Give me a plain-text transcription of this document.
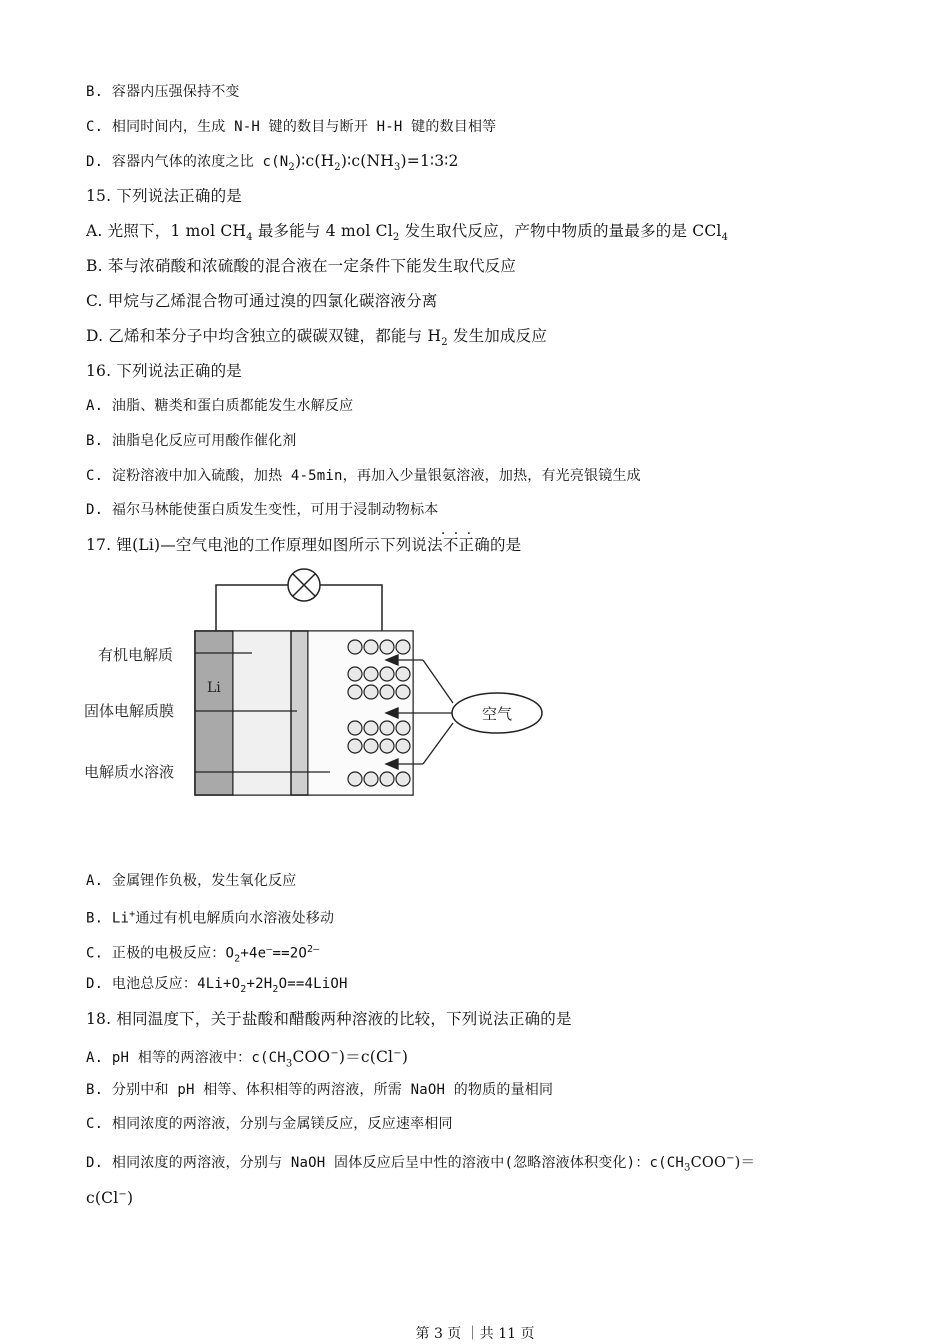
B. 容器内压强保持不变
C. 相同时间内，生成 N-H 键的数目与断开 H-H 键的数目相等
D. 容器内气体的浓度之比 $c(N_2)∶c(H_2)∶c(NH_3)=1∶3∶2$
15. 下列说法正确的是
A. 光照下，1 mol $CH_4$ 最多能与 4 mol $Cl_2$ 发生取代反应，产物中物质的量最多的是 CCl$_4$
B. 苯与浓硝酸和浓硫酸的混合液在一定条件下能发生取代反应
C. 甲烷与乙烯混合物可通过溴的四氯化碳溶液分离
D. 乙烯和苯分子中均含独立的碳碳双键，都能与 $H_2$ 发生加成反应
16. 下列说法正确的是
A. 油脂、糖类和蛋白质都能发生水解反应
B. 油脂皂化反应可用酸作催化剂
C. 淀粉溶液中加入硫酸，加热 4-5min，再加入少量银氨溶液，加热，有光亮银镜生成
D. 福尔马林能使蛋白质发生变性，可用于浸制动物标本
17. 锂(Li)—空气电池的工作原理如图所示下列说法不正确 · · ·的是
Li
有机电解质
固体电解质膜
电解质水溶液
空气
A. 金属锂作负极，发生氧化反应
B. Li+通过有机电解质向水溶液处移动
C. 正极的电极反应：$O_2+4e^—==2O^{2—}$
D. 电池总反应：$4Li+O_2+2H_2O==4LiOH$
18. 相同温度下，关于盐酸和醋酸两种溶液的比较，下列说法正确的是
A. pH 相等的两溶液中：$c(CH_3COO^-)=c(Cl^-)$
B. 分别中和 pH 相等、体积相等的两溶液，所需 NaOH 的物质的量相同
C. 相同浓度的两溶液，分别与金属镁反应，反应速率相同
D. 相同浓度的两溶液，分别与 NaOH 固体反应后呈中性的溶液中(忽略溶液体积变化)：$c(CH_3COO^-)=$
c(Cl−)
第 3 页 ｜共 11 页
